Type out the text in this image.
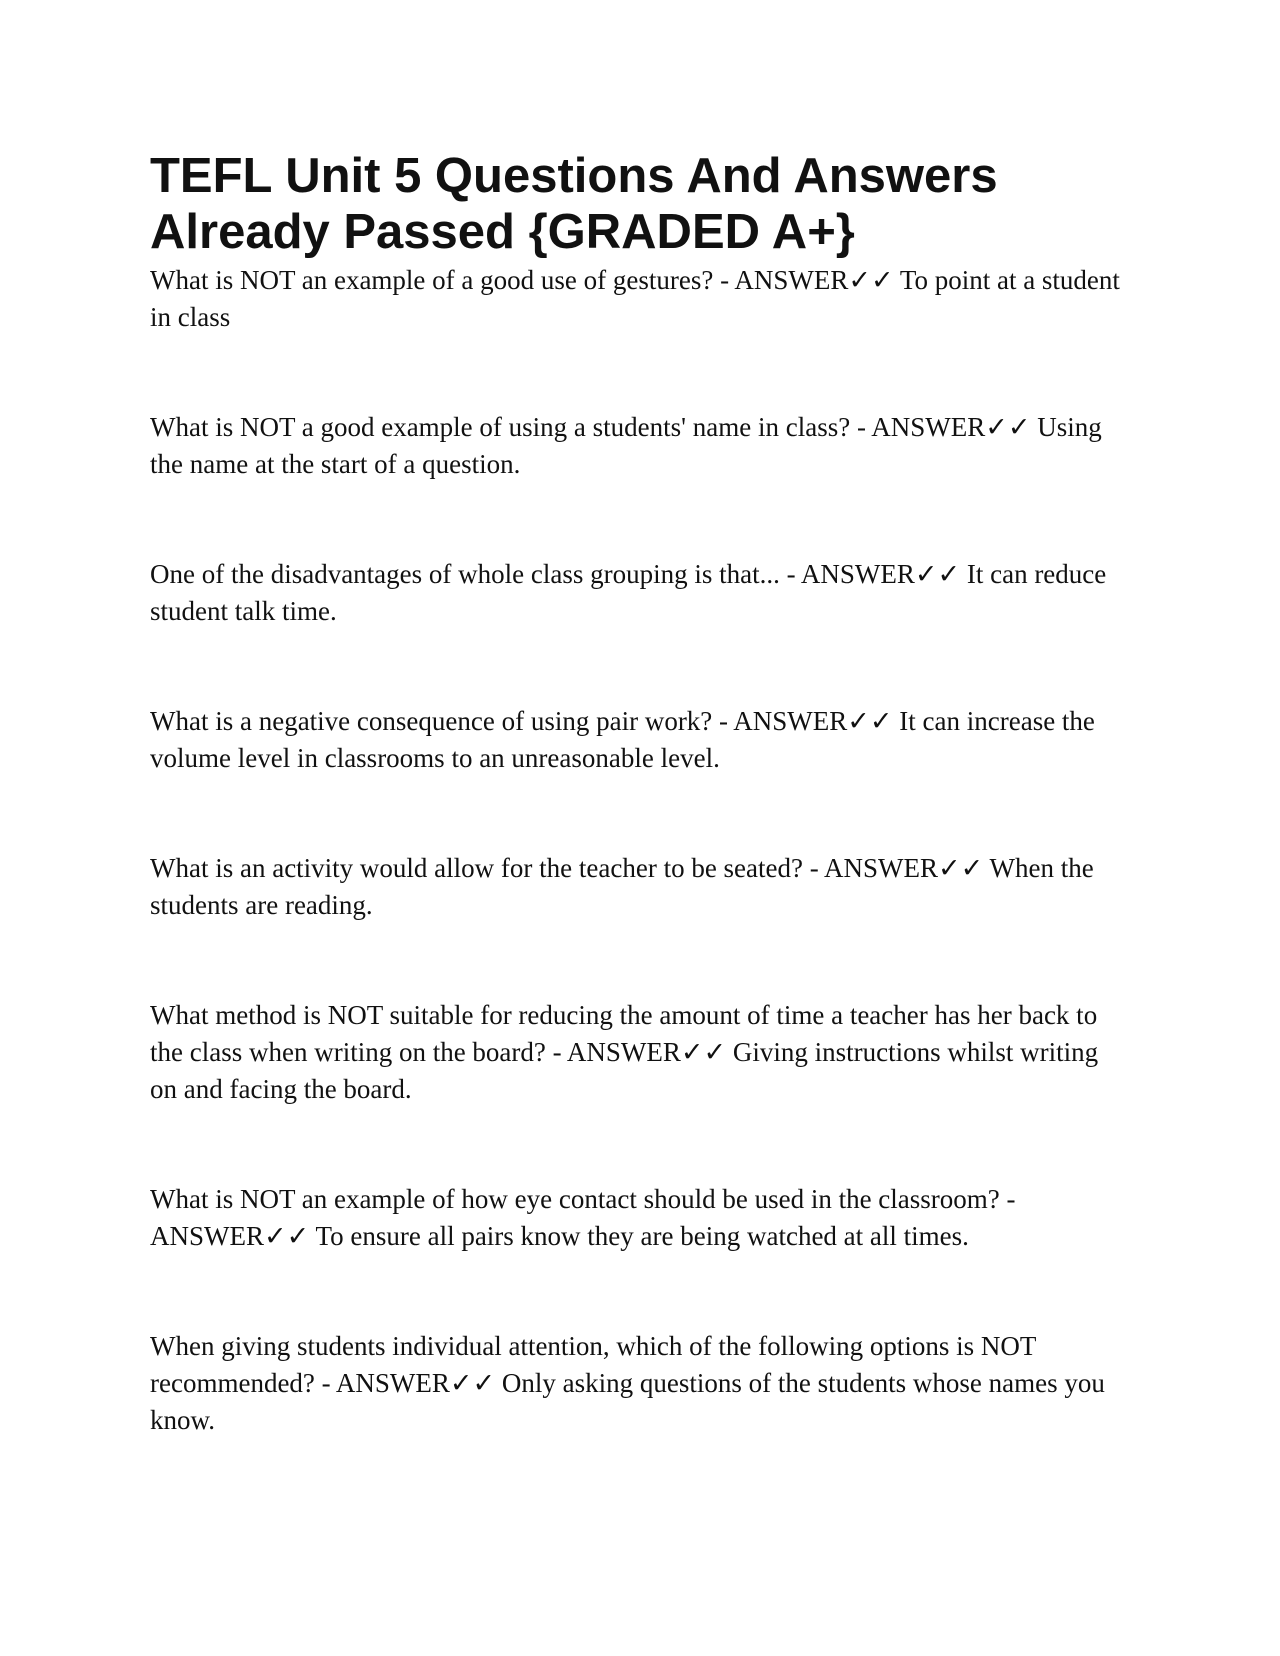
TEFL Unit 5 Questions And Answers
Already Passed {GRADED A+}
What is NOT an example of a good use of gestures? - ANSWER✓✓ To point at a student in class
What is NOT a good example of using a students' name in class? - ANSWER✓✓ Using the name at the start of a question.
One of the disadvantages of whole class grouping is that... - ANSWER✓✓ It can reduce student talk time.
What is a negative consequence of using pair work? - ANSWER✓✓ It can increase the volume level in classrooms to an unreasonable level.
What is an activity would allow for the teacher to be seated? - ANSWER✓✓ When the students are reading.
What method is NOT suitable for reducing the amount of time a teacher has her back to the class when writing on the board? - ANSWER✓✓ Giving instructions whilst writing on and facing the board.
What is NOT an example of how eye contact should be used in the classroom? - ANSWER✓✓ To ensure all pairs know they are being watched at all times.
When giving students individual attention, which of the following options is NOT recommended? - ANSWER✓✓ Only asking questions of the students whose names you know.
